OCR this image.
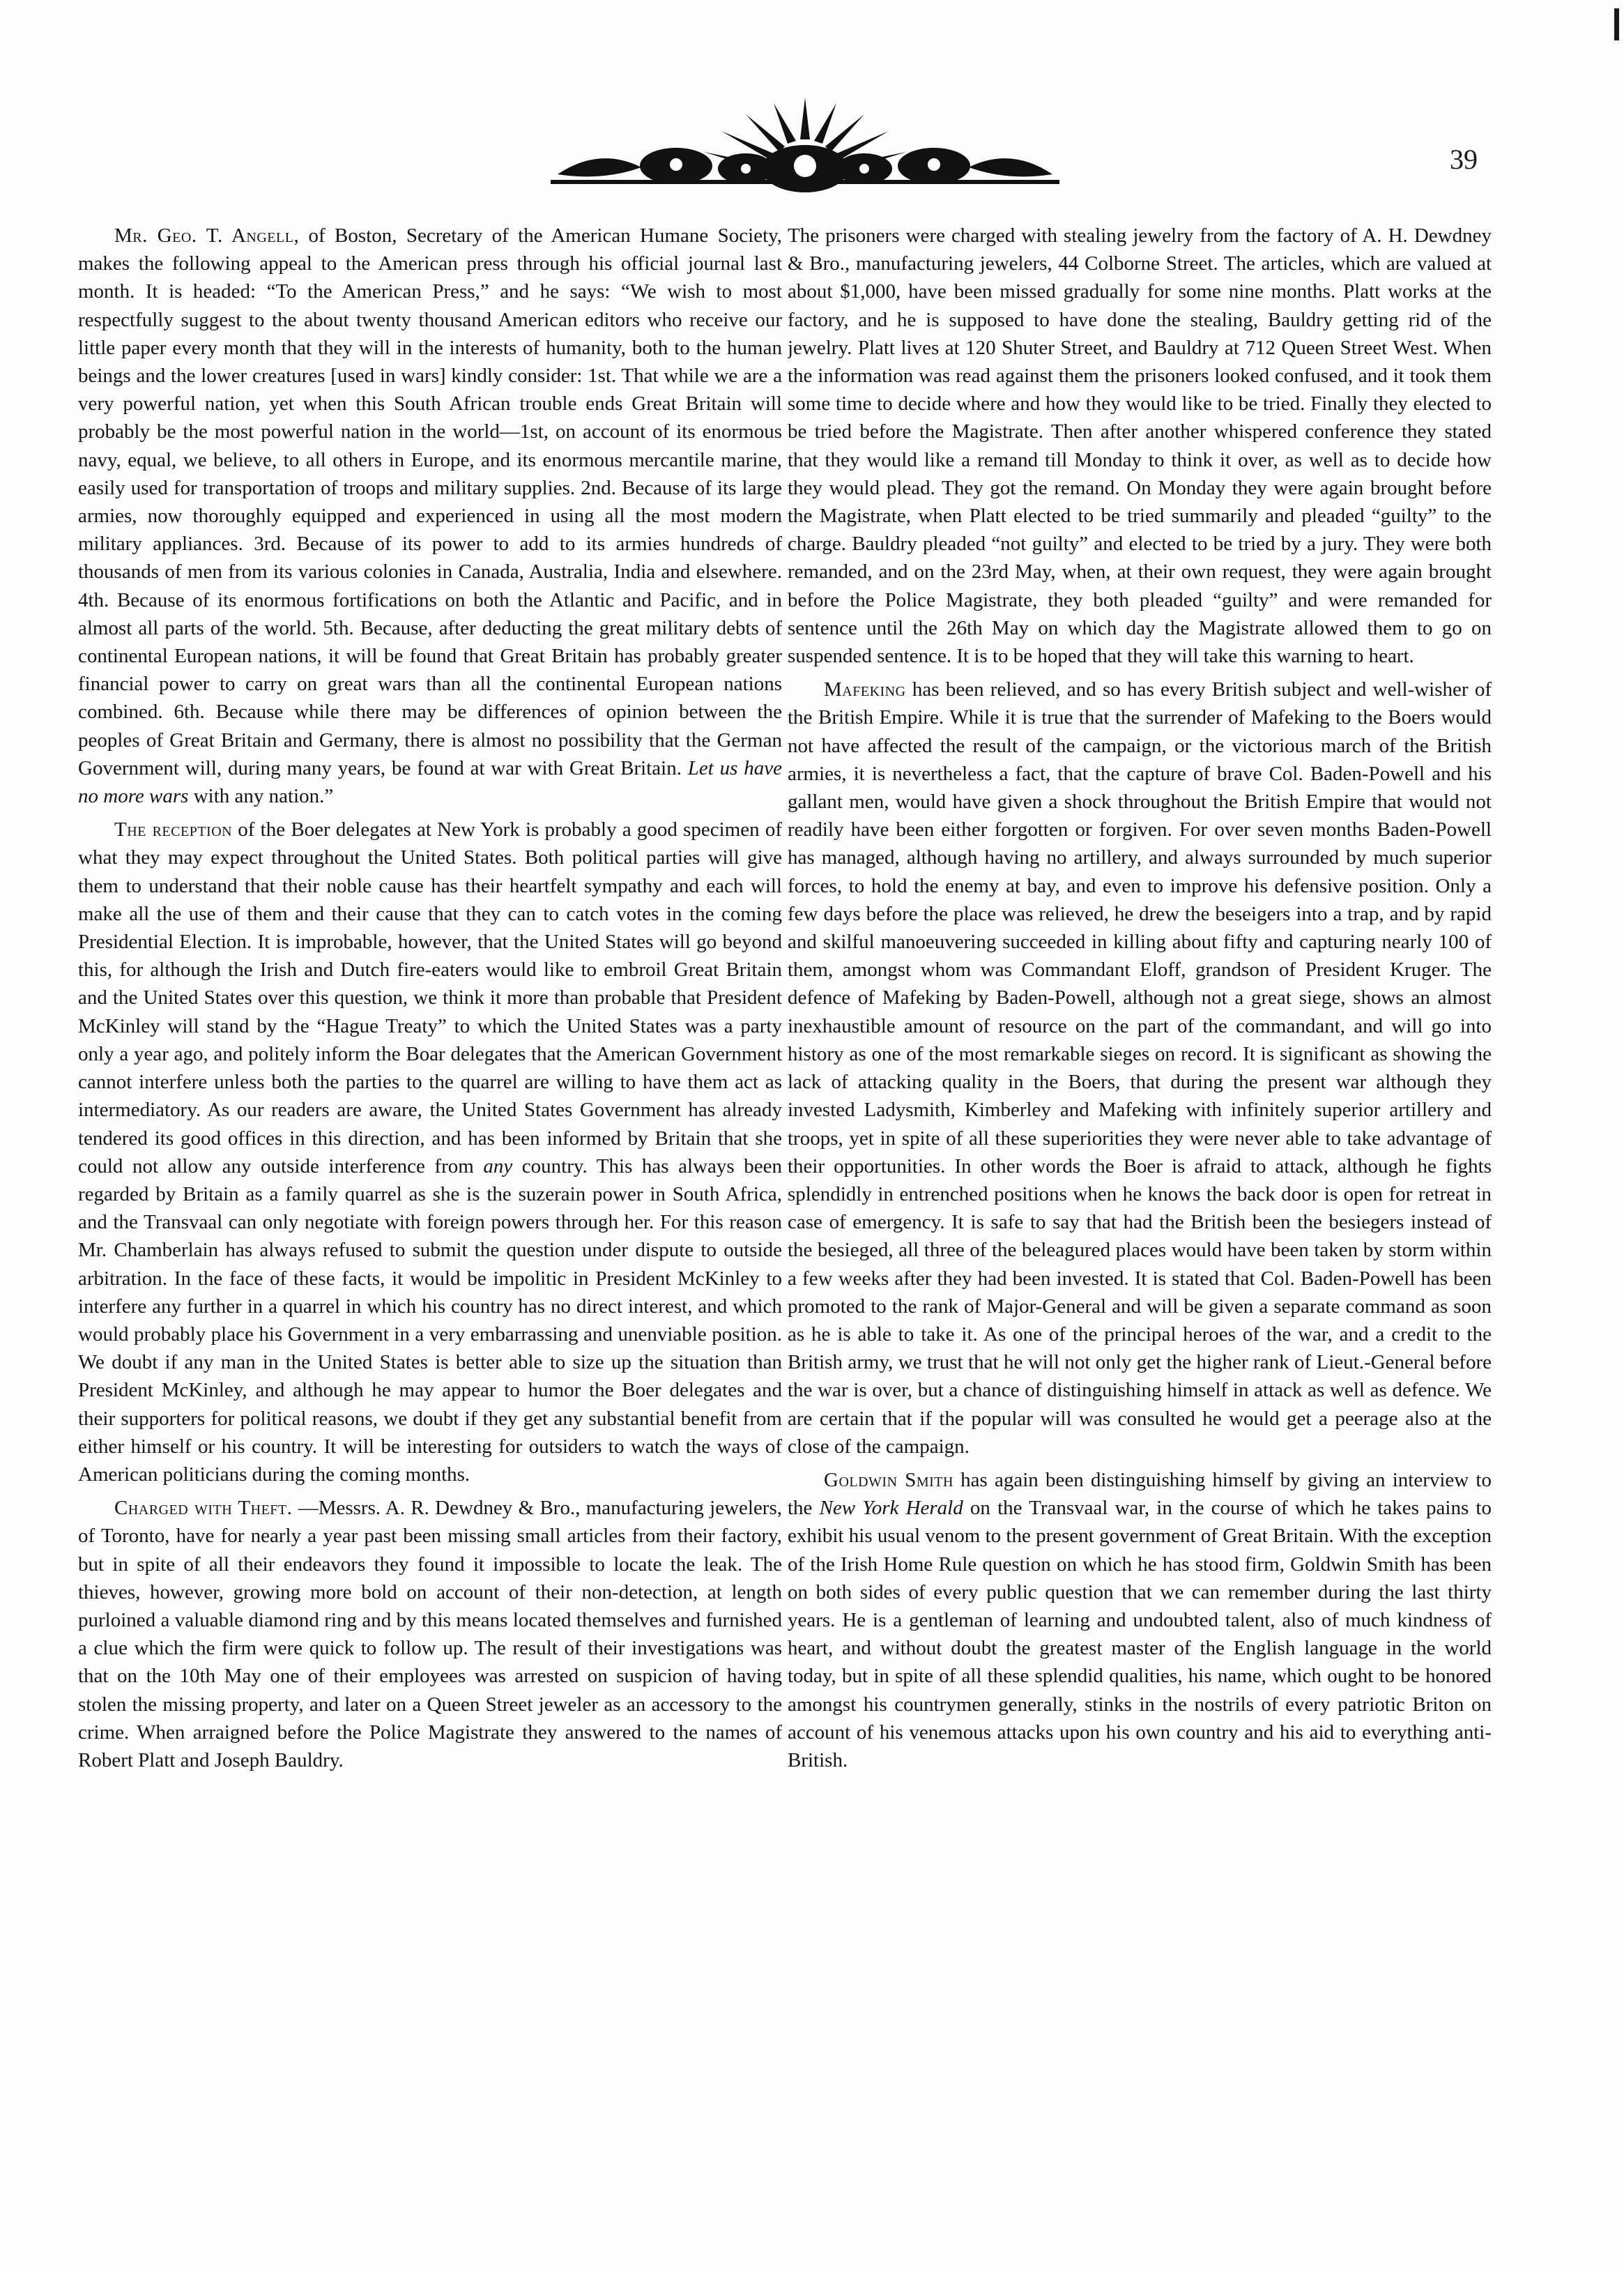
39

Mr. Geo. T. Angell, of Boston, Secretary of the American Humane Society, makes the following appeal to the American press through his official journal last month. It is headed: “To the American Press,” and he says: “We wish to most respectfully suggest to the about twenty thousand American editors who receive our little paper every month that they will in the interests of humanity, both to the human beings and the lower creatures [used in wars] kindly consider: 1st. That while we are a very powerful nation, yet when this South African trouble ends Great Britain will probably be the most powerful nation in the world—1st, on account of its enormous navy, equal, we believe, to all others in Europe, and its enormous mercantile marine, easily used for transportation of troops and military supplies. 2nd. Because of its large armies, now thoroughly equipped and experienced in using all the most modern military appliances. 3rd. Because of its power to add to its armies hundreds of thousands of men from its various colonies in Canada, Australia, India and elsewhere. 4th. Because of its enormous fortifications on both the Atlantic and Pacific, and in almost all parts of the world. 5th. Because, after deducting the great military debts of continental European nations, it will be found that Great Britain has probably greater financial power to carry on great wars than all the continental European nations combined. 6th. Because while there may be differences of opinion between the peoples of Great Britain and Germany, there is almost no possibility that the German Government will, during many years, be found at war with Great Britain. Let us have no more wars with any nation.”

The reception of the Boer delegates at New York is probably a good specimen of what they may expect throughout the United States. Both political parties will give them to understand that their noble cause has their heartfelt sympathy and each will make all the use of them and their cause that they can to catch votes in the coming Presidential Election. It is improbable, however, that the United States will go beyond this, for although the Irish and Dutch fire-eaters would like to embroil Great Britain and the United States over this question, we think it more than probable that President McKinley will stand by the “Hague Treaty” to which the United States was a party only a year ago, and politely inform the Boar delegates that the American Government cannot interfere unless both the parties to the quarrel are willing to have them act as intermediatory. As our readers are aware, the United States Government has already tendered its good offices in this direction, and has been informed by Britain that she could not allow any outside interference from any country. This has always been regarded by Britain as a family quarrel as she is the suzerain power in South Africa, and the Transvaal can only negotiate with foreign powers through her. For this reason Mr. Chamberlain has always refused to submit the question under dispute to outside arbitration. In the face of these facts, it would be impolitic in President McKinley to interfere any further in a quarrel in which his country has no direct interest, and which would probably place his Government in a very embarrassing and unenviable position. We doubt if any man in the United States is better able to size up the situation than President McKinley, and although he may appear to humor the Boer delegates and their supporters for political reasons, we doubt if they get any substantial benefit from either himself or his country. It will be interesting for outsiders to watch the ways of American politicians during the coming months.

Charged with Theft. —Messrs. A. R. Dewdney & Bro., manufacturing jewelers, of Toronto, have for nearly a year past been missing small articles from their factory, but in spite of all their endeavors they found it impossible to locate the leak. The thieves, however, growing more bold on account of their non-detection, at length purloined a valuable diamond ring and by this means located themselves and furnished a clue which the firm were quick to follow up. The result of their investigations was that on the 10th May one of their employees was arrested on suspicion of having stolen the missing property, and later on a Queen Street jeweler as an accessory to the crime. When arraigned before the Police Magistrate they answered to the names of Robert Platt and Joseph Bauldry.

The prisoners were charged with stealing jewelry from the factory of A. H. Dewdney & Bro., manufacturing jewelers, 44 Colborne Street. The articles, which are valued at about $1,000, have been missed gradually for some nine months. Platt works at the factory, and he is supposed to have done the stealing, Bauldry getting rid of the jewelry. Platt lives at 120 Shuter Street, and Bauldry at 712 Queen Street West. When the information was read against them the prisoners looked confused, and it took them some time to decide where and how they would like to be tried. Finally they elected to be tried before the Magistrate. Then after another whispered conference they stated that they would like a remand till Monday to think it over, as well as to decide how they would plead. They got the remand. On Monday they were again brought before the Magistrate, when Platt elected to be tried summarily and pleaded “guilty” to the charge. Bauldry pleaded “not guilty” and elected to be tried by a jury. They were both remanded, and on the 23rd May, when, at their own request, they were again brought before the Police Magistrate, they both pleaded “guilty” and were remanded for sentence until the 26th May on which day the Magistrate allowed them to go on suspended sentence. It is to be hoped that they will take this warning to heart.

Mafeking has been relieved, and so has every British subject and well-wisher of the British Empire. While it is true that the surrender of Mafeking to the Boers would not have affected the result of the campaign, or the victorious march of the British armies, it is nevertheless a fact, that the capture of brave Col. Baden-Powell and his gallant men, would have given a shock throughout the British Empire that would not readily have been either forgotten or forgiven. For over seven months Baden-Powell has managed, although having no artillery, and always surrounded by much superior forces, to hold the enemy at bay, and even to improve his defensive position. Only a few days before the place was relieved, he drew the beseigers into a trap, and by rapid and skilful manoeuvering succeeded in killing about fifty and capturing nearly 100 of them, amongst whom was Commandant Eloff, grandson of President Kruger. The defence of Mafeking by Baden-Powell, although not a great siege, shows an almost inexhaustible amount of resource on the part of the commandant, and will go into history as one of the most remarkable sieges on record. It is significant as showing the lack of attacking quality in the Boers, that during the present war although they invested Ladysmith, Kimberley and Mafeking with infinitely superior artillery and troops, yet in spite of all these superiorities they were never able to take advantage of their opportunities. In other words the Boer is afraid to attack, although he fights splendidly in entrenched positions when he knows the back door is open for retreat in case of emergency. It is safe to say that had the British been the besiegers instead of the besieged, all three of the beleagured places would have been taken by storm within a few weeks after they had been invested. It is stated that Col. Baden-Powell has been promoted to the rank of Major-General and will be given a separate command as soon as he is able to take it. As one of the principal heroes of the war, and a credit to the British army, we trust that he will not only get the higher rank of Lieut.-General before the war is over, but a chance of distinguishing himself in attack as well as defence. We are certain that if the popular will was consulted he would get a peerage also at the close of the campaign.

Goldwin Smith has again been distinguishing himself by giving an interview to the New York Herald on the Transvaal war, in the course of which he takes pains to exhibit his usual venom to the present government of Great Britain. With the exception of the Irish Home Rule question on which he has stood firm, Goldwin Smith has been on both sides of every public question that we can remember during the last thirty years. He is a gentleman of learning and undoubted talent, also of much kindness of heart, and without doubt the greatest master of the English language in the world today, but in spite of all these splendid qualities, his name, which ought to be honored amongst his countrymen generally, stinks in the nostrils of every patriotic Briton on account of his venemous attacks upon his own country and his aid to everything anti-British.
